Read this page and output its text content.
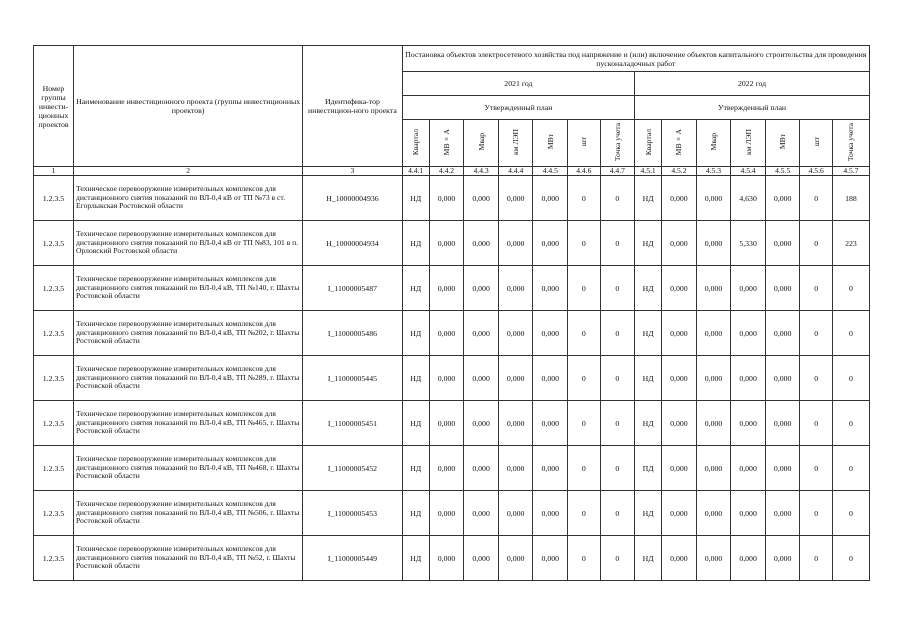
Номер группы инвести-ционных проектов	Наименование инвестиционного проекта (группы инвестиционных проектов)	Идентифика-тор инвестицион-ного проекта	Постановка объектов электросетевого хозяйства под напряжение и (или) включение объектов капитального строительства для проведения пусконаладочных работ													
			2021 год							2022 год						
			Утвержденный план							Утвержденный план						
			Квартал	МВ×А	Мвар	км ЛЭП	МВт	шт	Точка учета	Квартал	МВ×А	Мвар	км ЛЭП	МВт	шт	Точка учета
1	2	3	4.4.1	4.4.2	4.4.3	4.4.4	4.4.5	4.4.6	4.4.7	4.5.1	4.5.2	4.5.3	4.5.4	4.5.5	4.5.6	4.5.7
1.2.3.5	Техническое перевооружение измерительных комплексов для дистанционного снятия показаний по ВЛ-0,4 кВ от ТП №73 в ст. Егорлыкская Ростовской области	H_10000004936	НД	0,000	0,000	0,000	0,000	0	0	НД	0,000	0,000	4,630	0,000	0	188
1.2.3.5	Техническое перевооружение измерительных комплексов для дистанционного снятия показаний по ВЛ-0,4 кВ от ТП №83, 101 в п. Орловский Ростовской области	H_10000004934	НД	0,000	0,000	0,000	0,000	0	0	НД	0,000	0,000	5,330	0,000	0	223
1.2.3.5	Техническое перевооружение измерительных комплексов для дистанционного снятия показаний по ВЛ-0,4 кВ, ТП №140, г. Шахты Ростовской области	I_11000005487	НД	0,000	0,000	0,000	0,000	0	0	НД	0,000	0,000	0,000	0,000	0	0
1.2.3.5	Техническое перевооружение измерительных комплексов для дистанционного снятия показаний по ВЛ-0,4 кВ, ТП №202, г. Шахты Ростовской области	I_11000005486	НД	0,000	0,000	0,000	0,000	0	0	НД	0,000	0,000	0,000	0,000	0	0
1.2.3.5	Техническое перевооружение измерительных комплексов для дистанционного снятия показаний по ВЛ-0,4 кВ, ТП №289, г. Шахты Ростовской области	I_11000005445	НД	0,000	0,000	0,000	0,000	0	0	НД	0,000	0,000	0,000	0,000	0	0
1.2.3.5	Техническое перевооружение измерительных комплексов для дистанционного снятия показаний по ВЛ-0,4 кВ, ТП №465, г. Шахты Ростовской области	I_11000005451	НД	0,000	0,000	0,000	0,000	0	0	НД	0,000	0,000	0,000	0,000	0	0
1.2.3.5	Техническое перевооружение измерительных комплексов для дистанционного снятия показаний по ВЛ-0,4 кВ, ТП №468, г. Шахты Ростовской области	I_11000005452	НД	0,000	0,000	0,000	0,000	0	0	ПД	0,000	0,000	0,000	0,000	0	0
1.2.3.5	Техническое перевооружение измерительных комплексов для дистанционного снятия показаний по ВЛ-0,4 кВ, ТП №506, г. Шахты Ростовской области	I_11000005453	НД	0,000	0,000	0,000	0,000	0	0	НД	0,000	0,000	0,000	0,000	0	0
1.2.3.5	Техническое перевооружение измерительных комплексов для дистанционного снятия показаний по ВЛ-0,4 кВ, ТП №52, г. Шахты Ростовской области	I_11000005449	НД	0,000	0,000	0,000	0,000	0	0	НД	0,000	0,000	0,000	0,000	0	0
